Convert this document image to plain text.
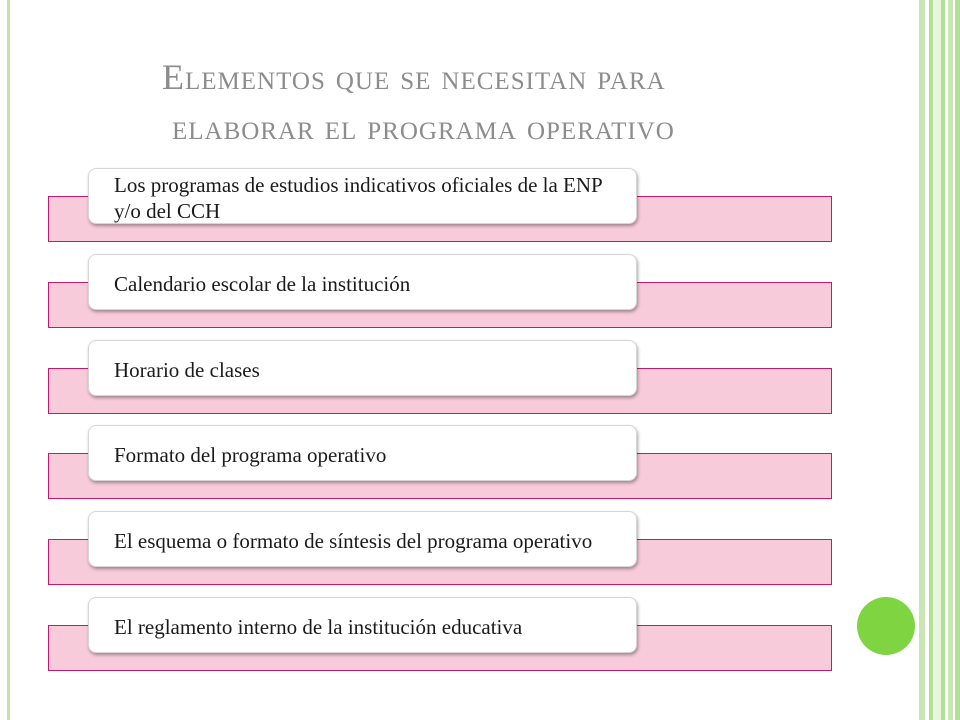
Elementos que se necesitan para
elaborar el programa operativo
Los programas de estudios indicativos oficiales de la ENP y/o del CCH
Calendario escolar de la institución
Horario de clases
Formato del programa operativo
El esquema o formato de síntesis del programa operativo
El reglamento interno de la institución educativa
